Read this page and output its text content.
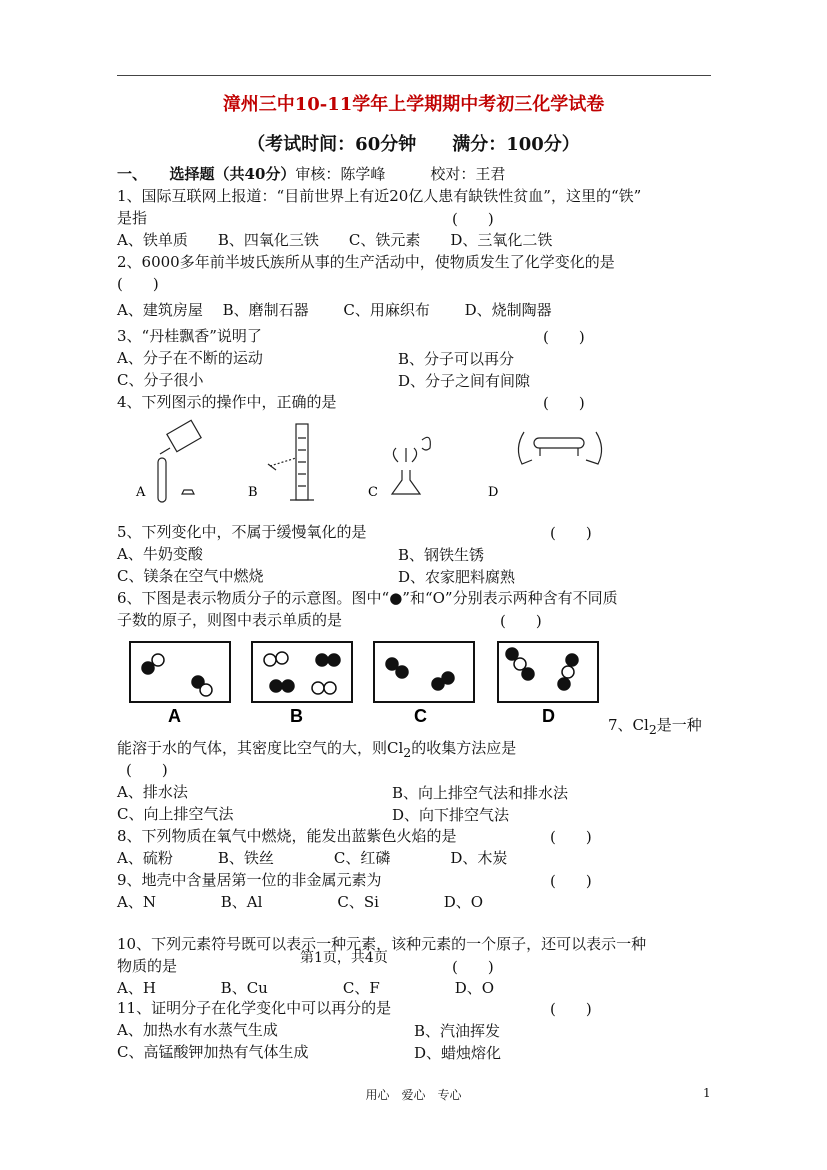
漳州三中10-11学年上学期期中考初三化学试卷
（考试时间：60分钟　　满分：100分）
一、　　选择题（共40分）审核：陈学峰　　　校对：王君
1、国际互联网上报道：“目前世界上有近20亿人患有缺铁性贫血”，这里的“铁”
是指	(　　)
A、铁单质　　B、四氧化三铁　　C、铁元素　　D、三氧化二铁
2、6000多年前半坡氏族所从事的生产活动中，使物质发生了化学变化的是
(　　)
A、建筑房屋　 B、磨制石器　　 C、用麻织布　　 D、烧制陶器
3、“丹桂飘香”说明了	(　　)
A、分子在不断的运动	B、分子可以再分
C、分子很小	D、分子之间有间隙
4、下列图示的操作中，正确的是	(　　)
A	B	C	D
5、下列变化中，不属于缓慢氧化的是	(　　)
A、牛奶变酸	B、钢铁生锈
C、镁条在空气中燃烧	D、农家肥料腐熟
6、下图是表示物质分子的示意图。图中“●”和“O”分别表示两种含有不同质
子数的原子，则图中表示单质的是	(　　)
A	B	C	D	7、$Cl_2$是一种
能溶于水的气体，其密度比空气的大，则$Cl_2$的收集方法应是
(　　)
A、排水法	B、向上排空气法和排水法
C、向上排空气法	D、向下排空气法
8、下列物质在氧气中燃烧，能发出蓝紫色火焰的是	(　　)
A、硫粉　　　B、铁丝　　　　C、红磷　　　　D、木炭
9、地壳中含量居第一位的非金属元素为	(　　)
A、N　　　　 B、Al　　　　　C、Si　　　　 D、O
10、下列元素符号既可以表示一种元素，该种元素的一个原子，还可以表示一种
物质的是	第1页，共4页	(　　)
A、H　　　　 B、Cu　　　　　C、F　　　　　D、O
11、证明分子在化学变化中可以再分的是	(　　)
A、加热水有水蒸气生成	B、汽油挥发
C、高锰酸钾加热有气体生成	D、蜡烛熔化
用心　爱心　专心	1
